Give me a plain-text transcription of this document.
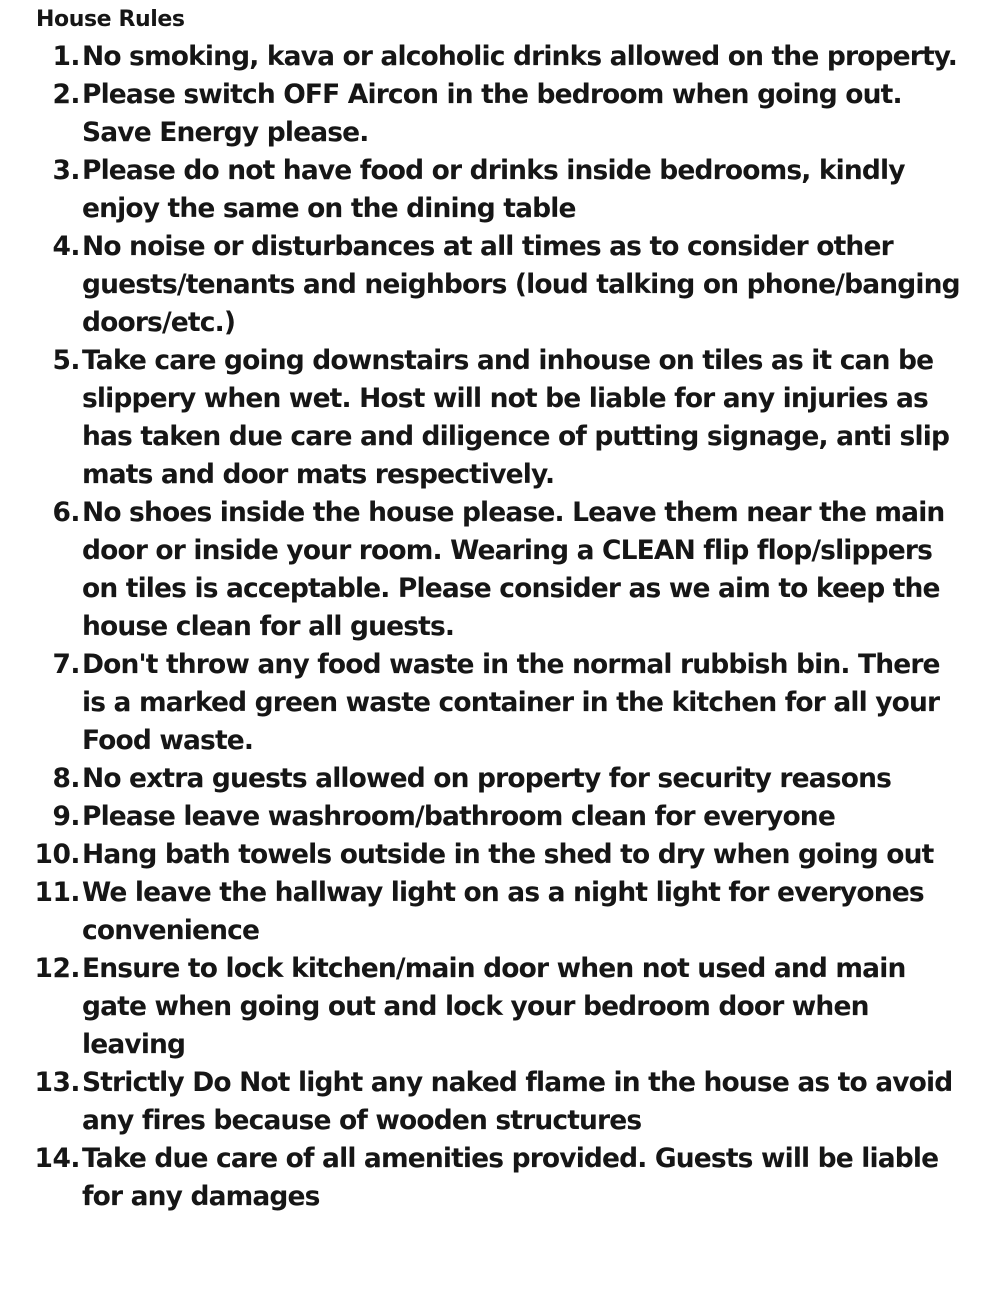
House Rules
1. No smoking, kava or alcoholic drinks allowed on the property.
2. Please switch OFF Aircon in the bedroom when going out. Save Energy please.
3. Please do not have food or drinks inside bedrooms, kindly enjoy the same on the dining table
4. No noise or disturbances at all times as to consider other guests/tenants and neighbors (loud talking on phone/banging doors/etc.)
5. Take care going downstairs and inhouse on tiles as it can be slippery when wet. Host will not be liable for any injuries as has taken due care and diligence of putting signage, anti slip mats and door mats respectively.
6. No shoes inside the house please. Leave them near the main door or inside your room. Wearing a CLEAN flip flop/slippers on tiles is acceptable. Please consider as we aim to keep the house clean for all guests.
7. Don't throw any food waste in the normal rubbish bin. There is a marked green waste container in the kitchen for all your Food waste.
8. No extra guests allowed on property for security reasons
9. Please leave washroom/bathroom clean for everyone
10. Hang bath towels outside in the shed to dry when going out
11. We leave the hallway light on as a night light for everyones convenience
12. Ensure to lock kitchen/main door when not used and main gate when going out and lock your bedroom door when leaving
13. Strictly Do Not light any naked flame in the house as to avoid any fires because of wooden structures
14. Take due care of all amenities provided. Guests will be liable for any damages
